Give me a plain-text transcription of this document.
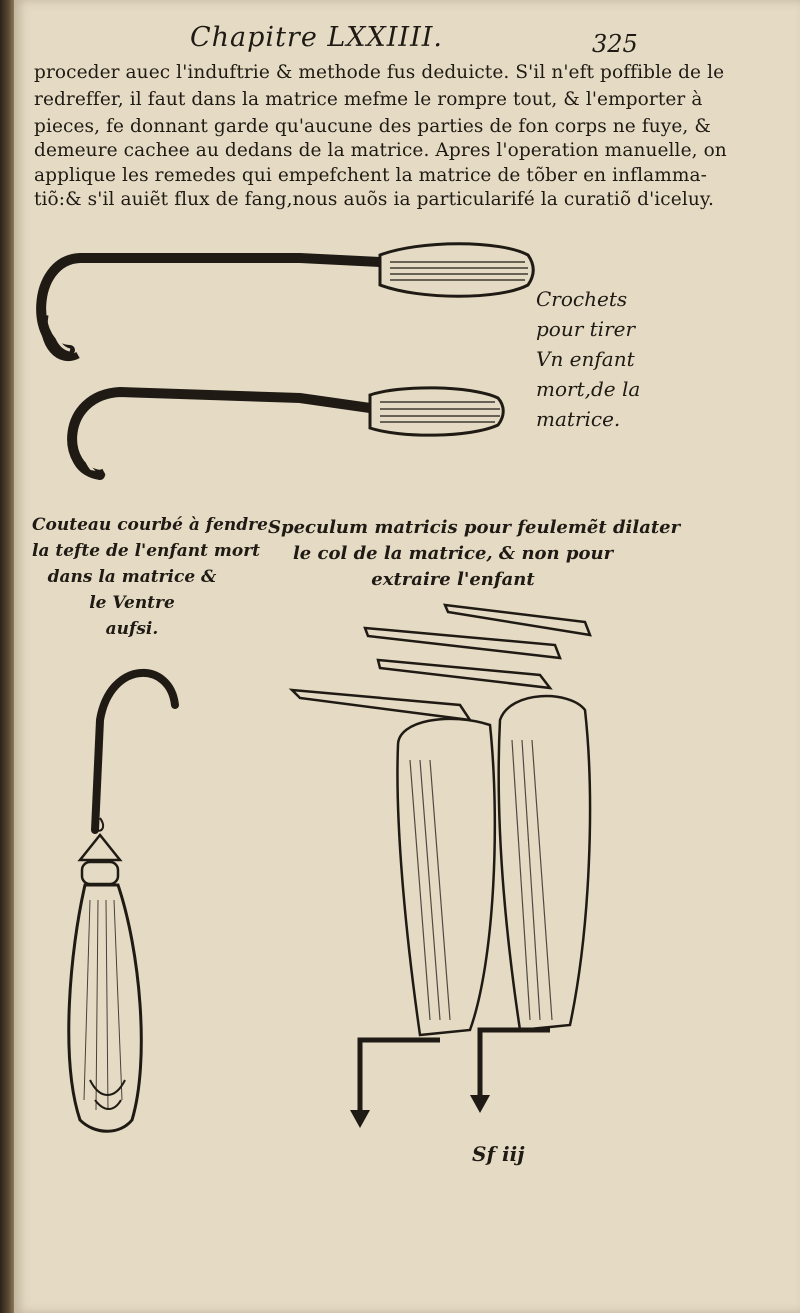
Chapitre LXXIIII.	325
proceder auec l'induftrie & methode fus deduicte. S'il n'eft poffible de le
redreffer, il faut dans la matrice mefme le rompre tout, & l'emporter à
pieces, fe donnant garde qu'aucune des parties de fon corps ne fuye, &
demeure cachee au dedans de la matrice. Apres l'operation manuelle, on
applique les remedes qui empefchent la matrice de tõber en inflamma-
tiõ:& s'il auiẽt flux de fang,nous auõs ia particularifé la curatiõ d'iceluy.
Crochets
pour tirer
Vn enfant
mort,de la
matrice.
Couteau courbé à fendre
la tefte de l'enfant mort
dans la matrice &
le Ventre
aufsi.
Speculum matricis pour feulemẽt dilater
le col de la matrice, & non pour
extraire l'enfant
Sf iij
